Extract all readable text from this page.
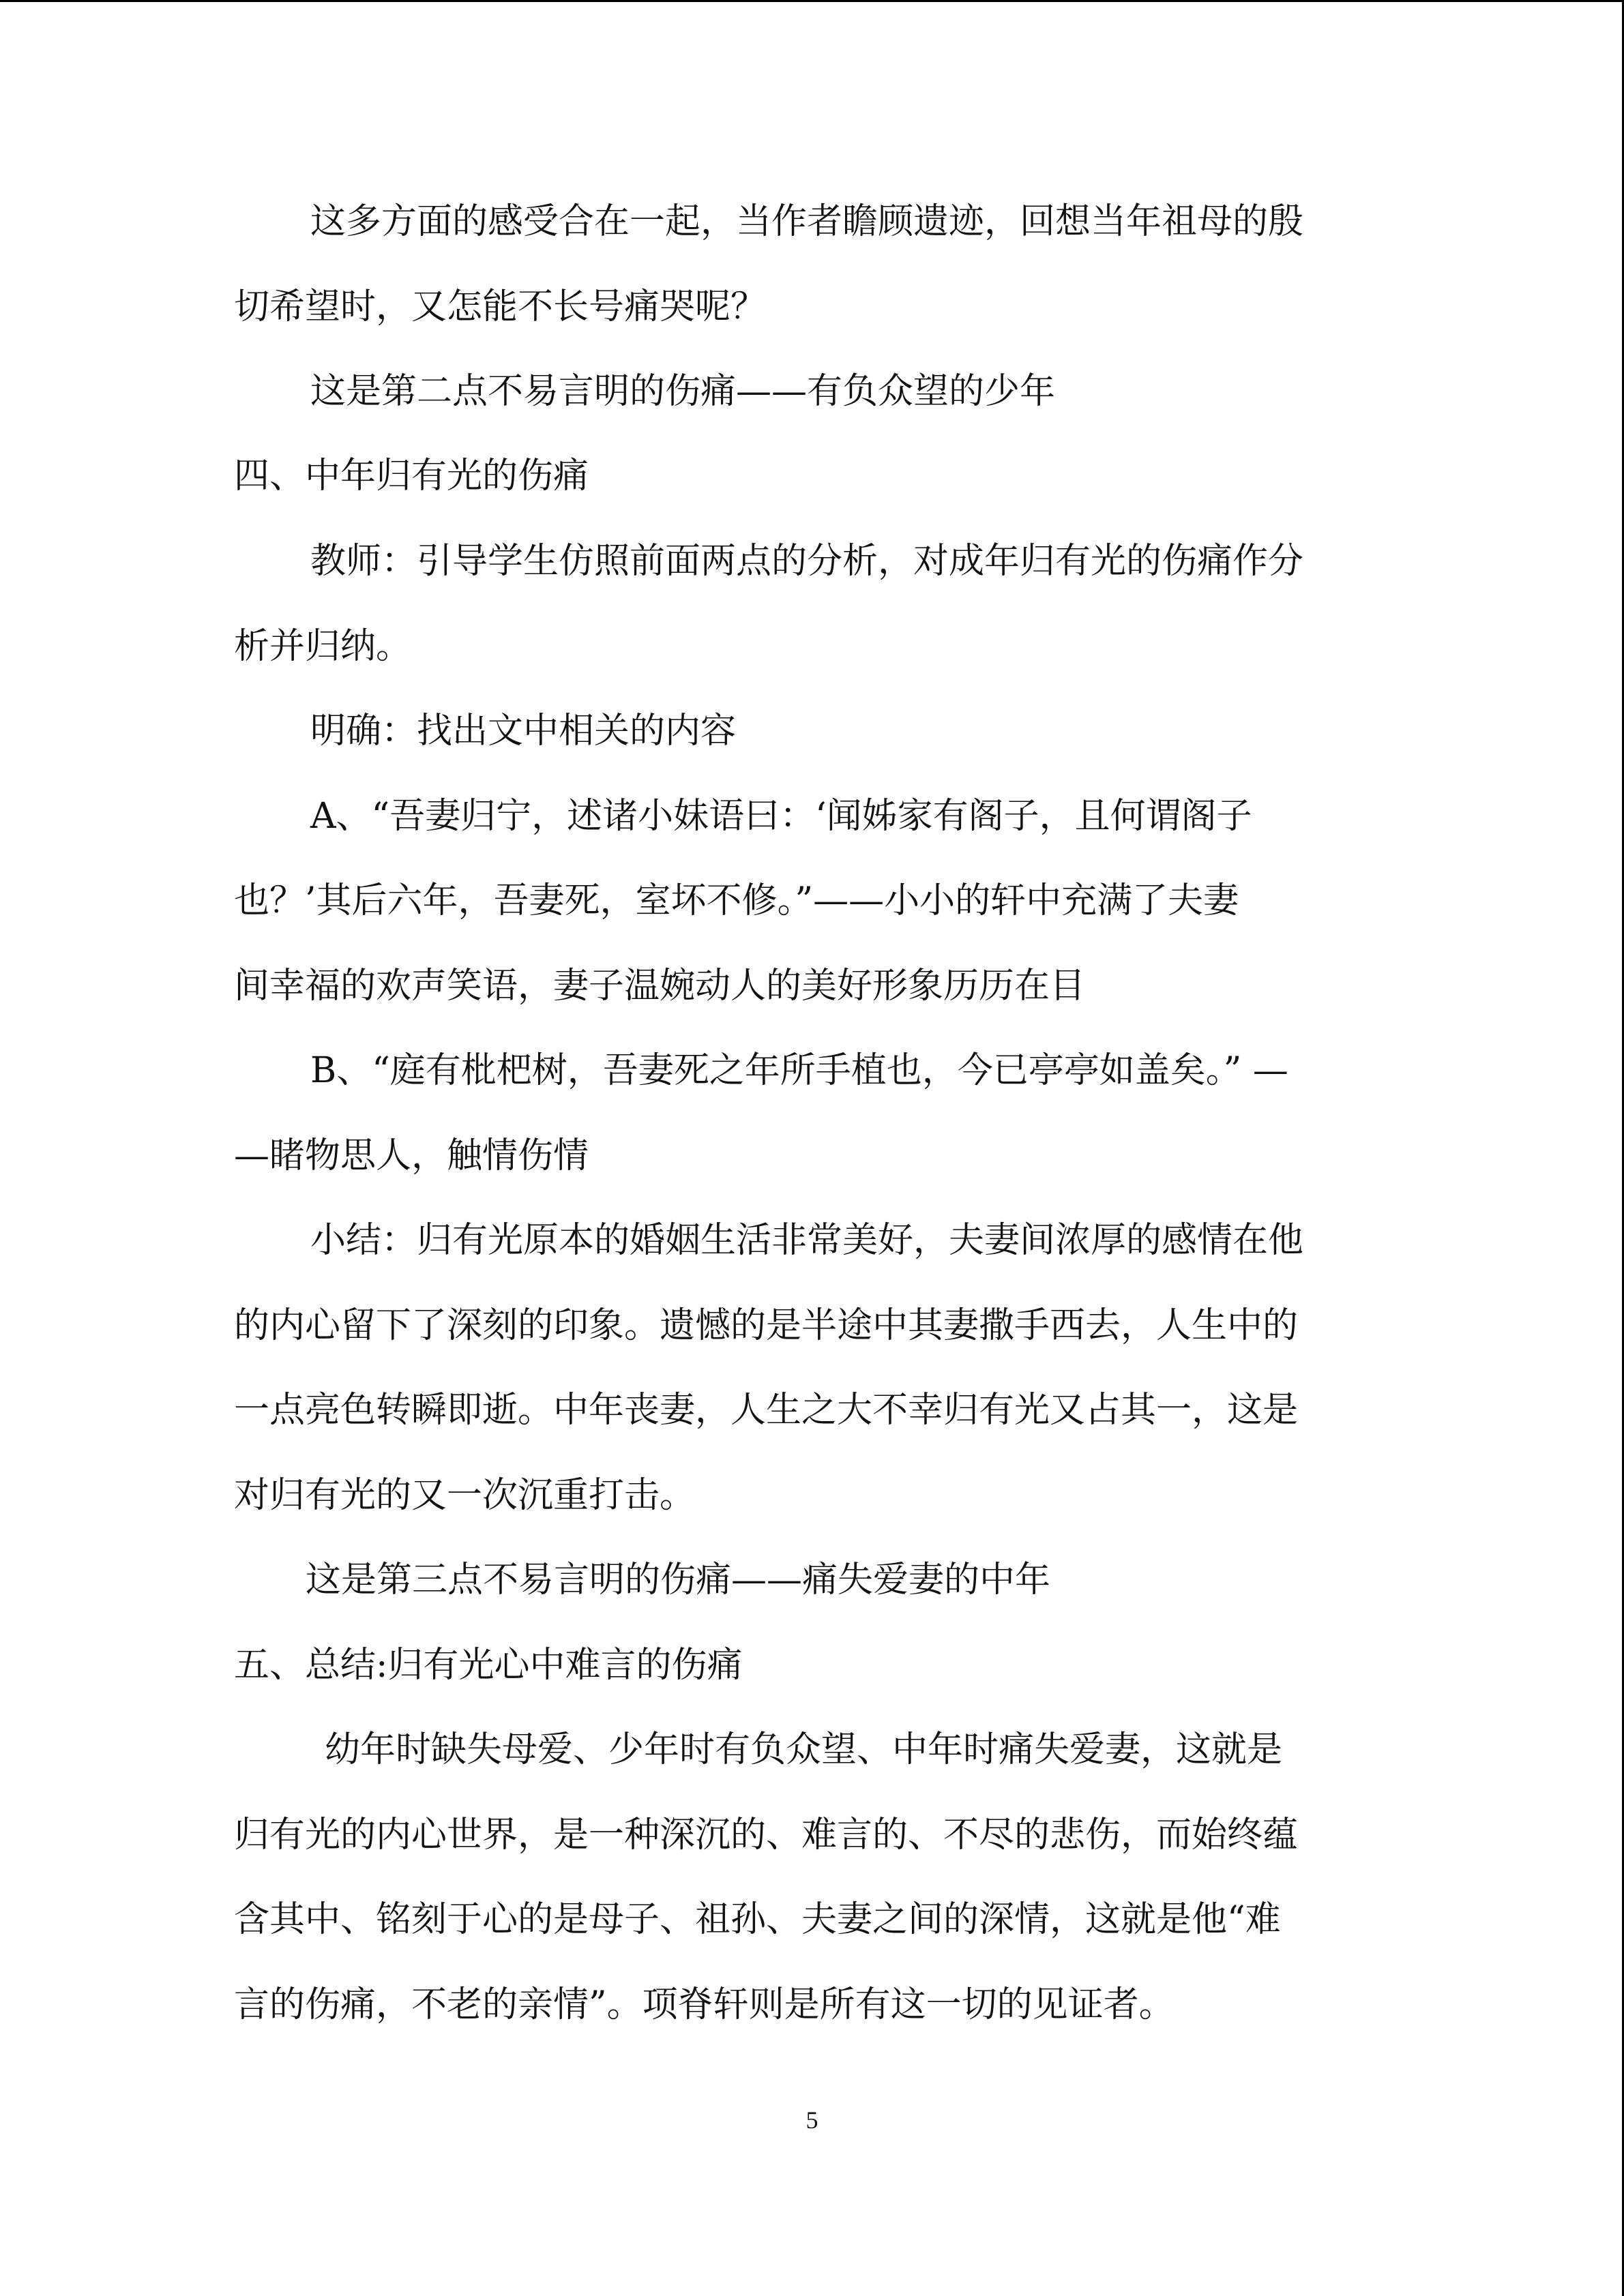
这多方面的感受合在一起，当作者瞻顾遗迹，回想当年祖母的殷
切希望时，又怎能不长号痛哭呢？
这是第二点不易言明的伤痛——有负众望的少年
四、中年归有光的伤痛
教师：引导学生仿照前面两点的分析，对成年归有光的伤痛作分
析并归纳。
明确：找出文中相关的内容
A、“吾妻归宁，述诸小妹语曰：‘闻姊家有阁子，且何谓阁子
也？’其后六年，吾妻死，室坏不修。”——小小的轩中充满了夫妻
间幸福的欢声笑语，妻子温婉动人的美好形象历历在目
B、“庭有枇杷树，吾妻死之年所手植也，今已亭亭如盖矣。” —
—睹物思人，触情伤情
小结：归有光原本的婚姻生活非常美好，夫妻间浓厚的感情在他
的内心留下了深刻的印象。遗憾的是半途中其妻撒手西去，人生中的
一点亮色转瞬即逝。中年丧妻，人生之大不幸归有光又占其一，这是
对归有光的又一次沉重打击。
这是第三点不易言明的伤痛——痛失爱妻的中年
五、总结:归有光心中难言的伤痛
幼年时缺失母爱、少年时有负众望、中年时痛失爱妻，这就是
归有光的内心世界，是一种深沉的、难言的、不尽的悲伤，而始终蕴
含其中、铭刻于心的是母子、祖孙、夫妻之间的深情，这就是他“难
言的伤痛，不老的亲情”。项脊轩则是所有这一切的见证者。
5
